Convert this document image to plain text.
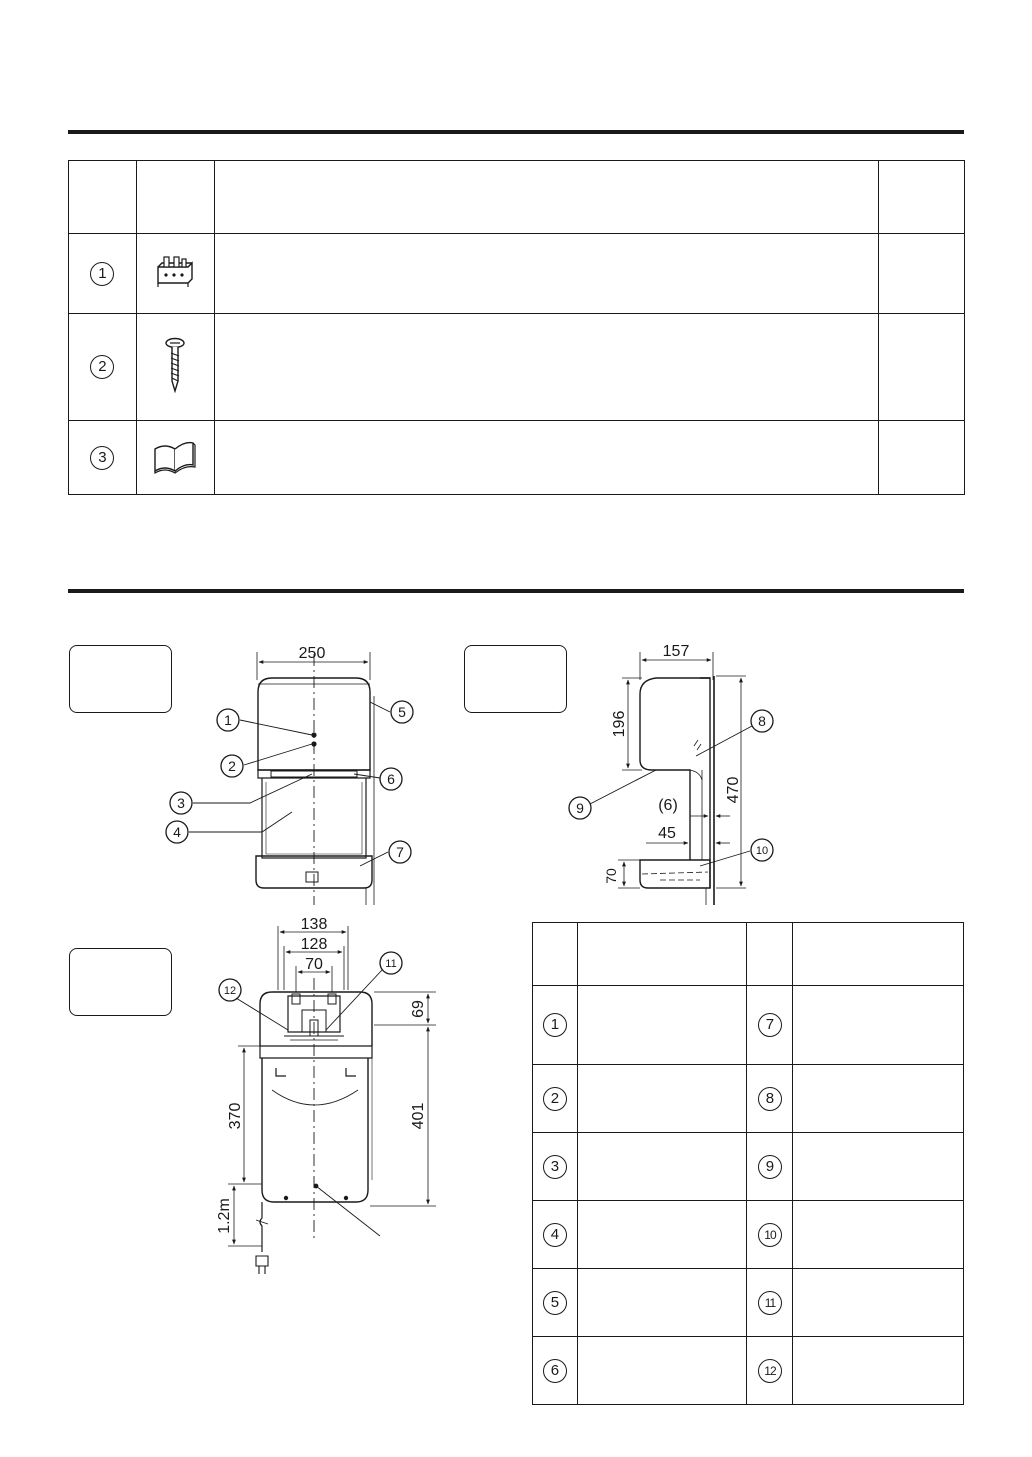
1			
2			
3			
250
1
2
3
4
5
6
7
157
196
470
(6)
45
70
8
9
10
138
128
70
69
401
370
1.2m
12
11

1		7	
2		8	
3		9	
4		10	
5		11	
6		12	
